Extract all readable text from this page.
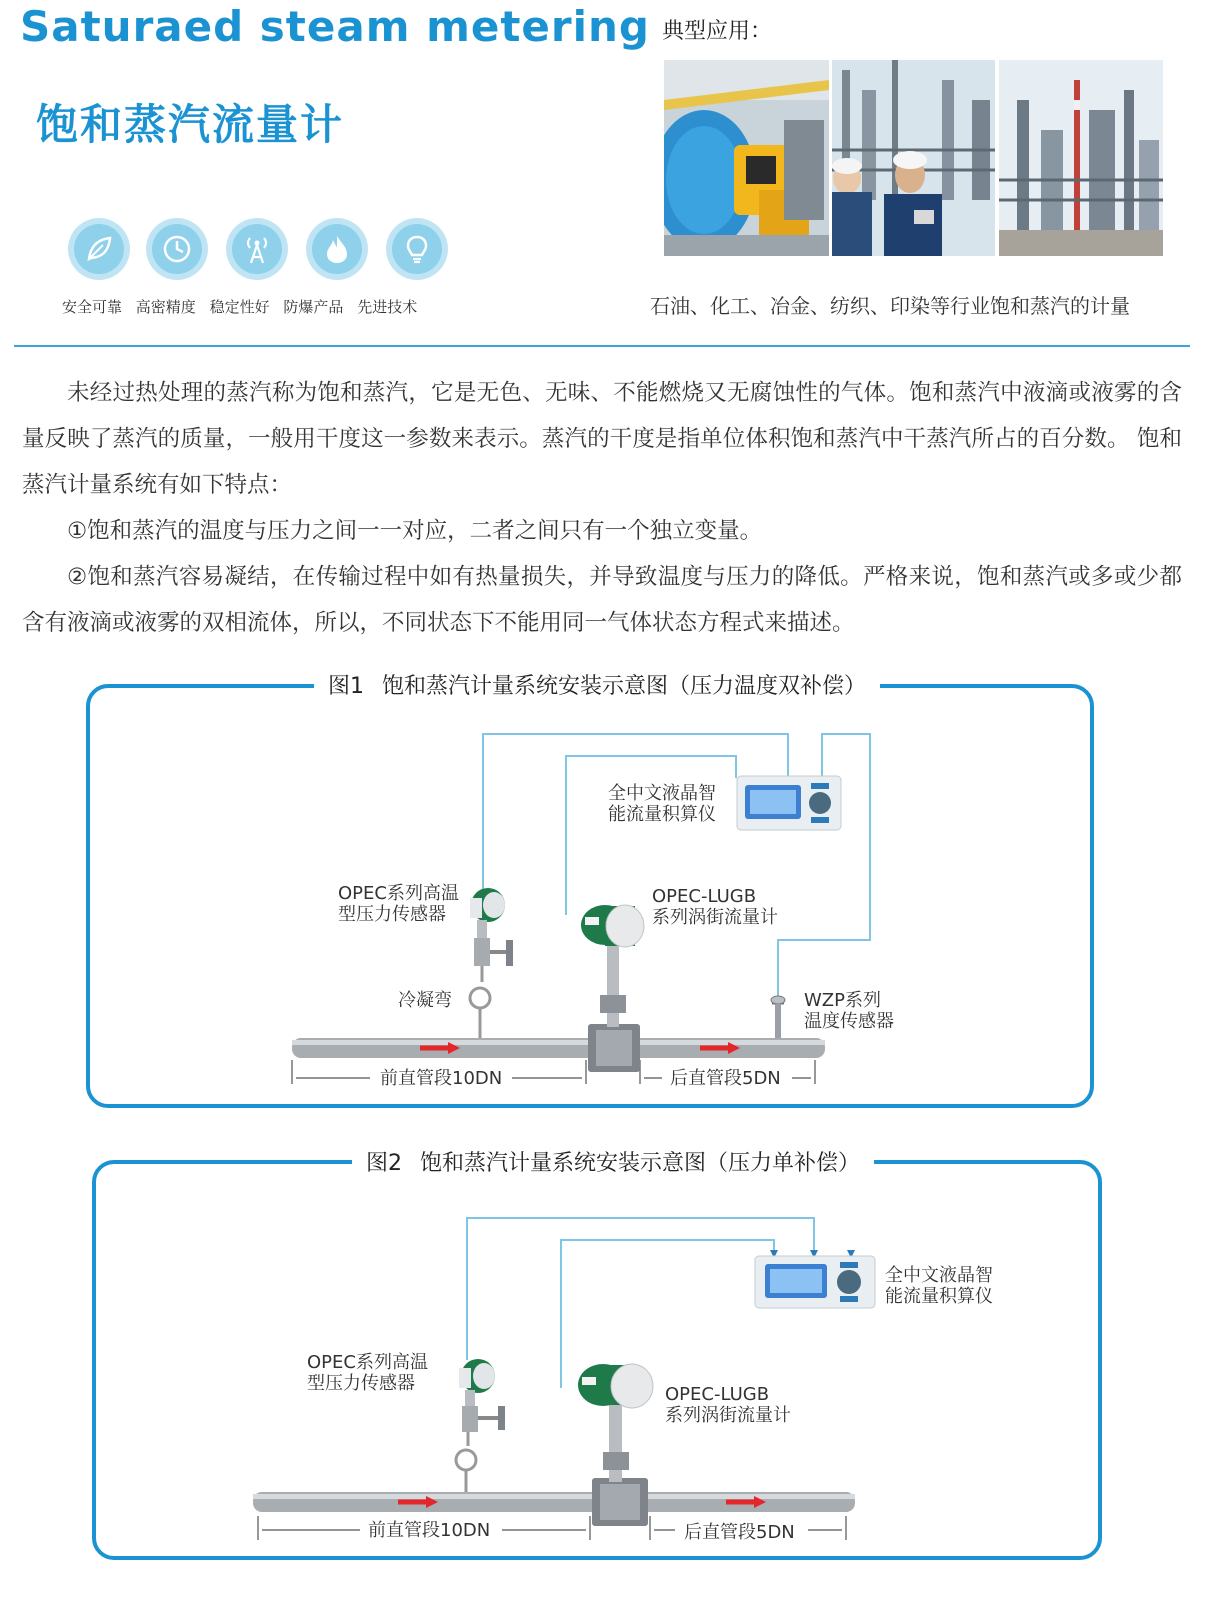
Saturaed steam metering
饱和蒸汽流量计
安全可靠 高密精度 稳定性好 防爆产品 先进技术
典型应用：
石油、化工、冶金、纺织、印染等行业饱和蒸汽的计量

未经过热处理的蒸汽称为饱和蒸汽，它是无色、无味、不能燃烧又无腐蚀性的气体。饱和蒸汽中液滴或液雾的含量反映了蒸汽的质量，一般用干度这一参数来表示。蒸汽的干度是指单位体积饱和蒸汽中干蒸汽所占的百分数。 饱和蒸汽计量系统有如下特点：

①饱和蒸汽的温度与压力之间一一对应，二者之间只有一个独立变量。

②饱和蒸汽容易凝结，在传输过程中如有热量损失，并导致温度与压力的降低。严格来说，饱和蒸汽或多或少都含有液滴或液雾的双相流体，所以，不同状态下不能用同一气体状态方程式来描述。

图1 饱和蒸汽计量系统安装示意图（压力温度双补偿）
全中文液晶智
能流量积算仪
OPEC系列高温
型压力传感器
OPEC-LUGB
系列涡街流量计
冷凝弯	WZP系列
温度传感器
前直管段10DN	后直管段5DN
图2 饱和蒸汽计量系统安装示意图（压力单补偿）
全中文液晶智
能流量积算仪
OPEC系列高温
型压力传感器
OPEC-LUGB
系列涡街流量计
前直管段10DN	后直管段5DN
